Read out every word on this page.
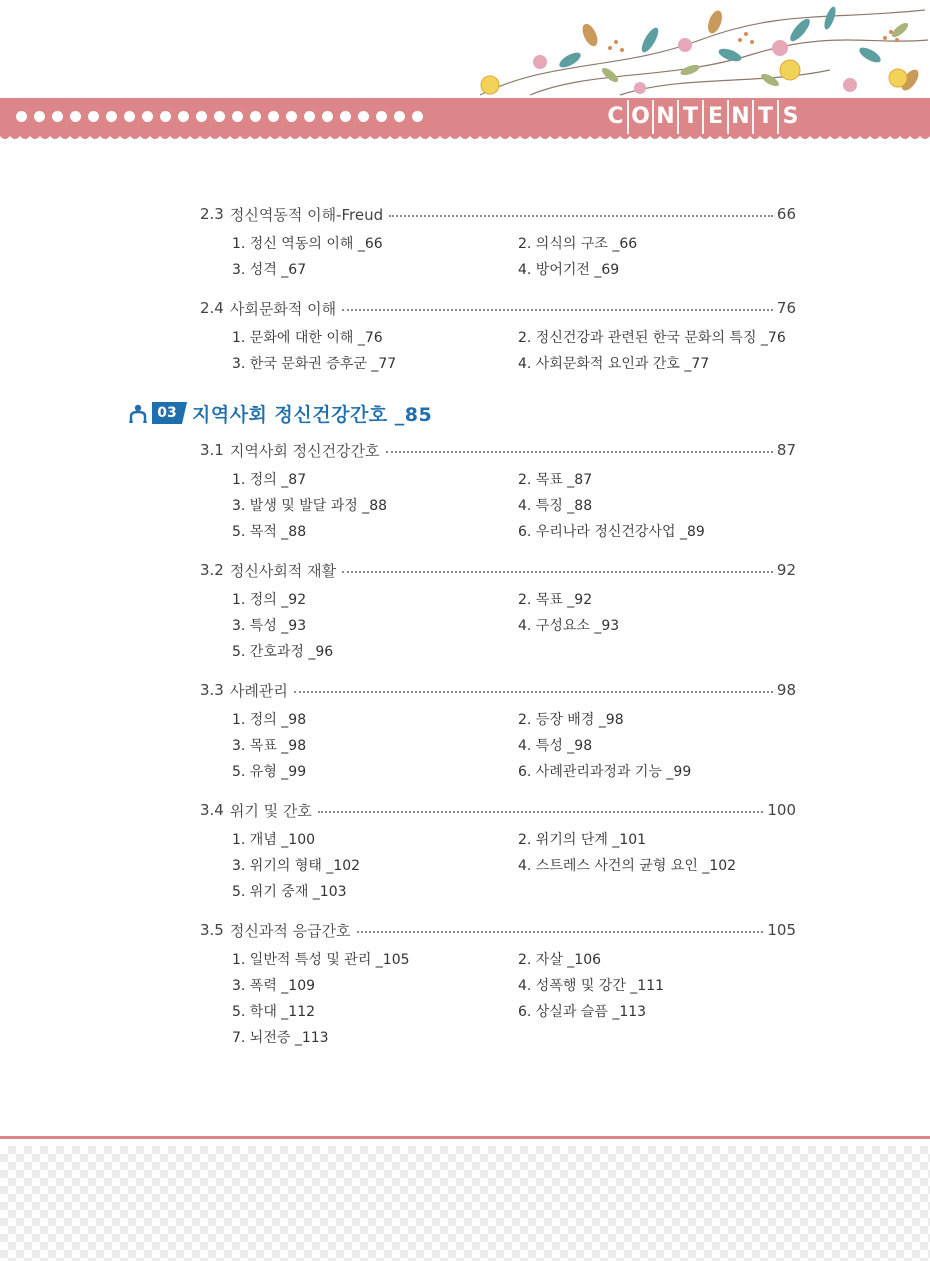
C O N T E N T S
2.3 정신역동적 이해-Freud	66
1. 정신 역동의 이해 _66	2. 의식의 구조 _66
3. 성격 _67	4. 방어기전 _69
2.4 사회문화적 이해	76
1. 문화에 대한 이해 _76	2. 정신건강과 관련된 한국 문화의 특징 _76
3. 한국 문화권 증후군 _77	4. 사회문화적 요인과 간호 _77
03 지역사회 정신건강간호 _85
3.1 지역사회 정신건강간호	87
1. 정의 _87	2. 목표 _87
3. 발생 및 발달 과정 _88	4. 특징 _88
5. 목적 _88	6. 우리나라 정신건강사업 _89
3.2 정신사회적 재활	92
1. 정의 _92	2. 목표 _92
3. 특성 _93	4. 구성요소 _93
5. 간호과정 _96
3.3 사례관리	98
1. 정의 _98	2. 등장 배경 _98
3. 목표 _98	4. 특성 _98
5. 유형 _99	6. 사례관리과정과 기능 _99
3.4 위기 및 간호	100
1. 개념 _100	2. 위기의 단계 _101
3. 위기의 형태 _102	4. 스트레스 사건의 균형 요인 _102
5. 위기 중재 _103
3.5 정신과적 응급간호	105
1. 일반적 특성 및 관리 _105	2. 자살 _106
3. 폭력 _109	4. 성폭행 및 강간 _111
5. 학대 _112	6. 상실과 슬픔 _113
7. 뇌전증 _113
